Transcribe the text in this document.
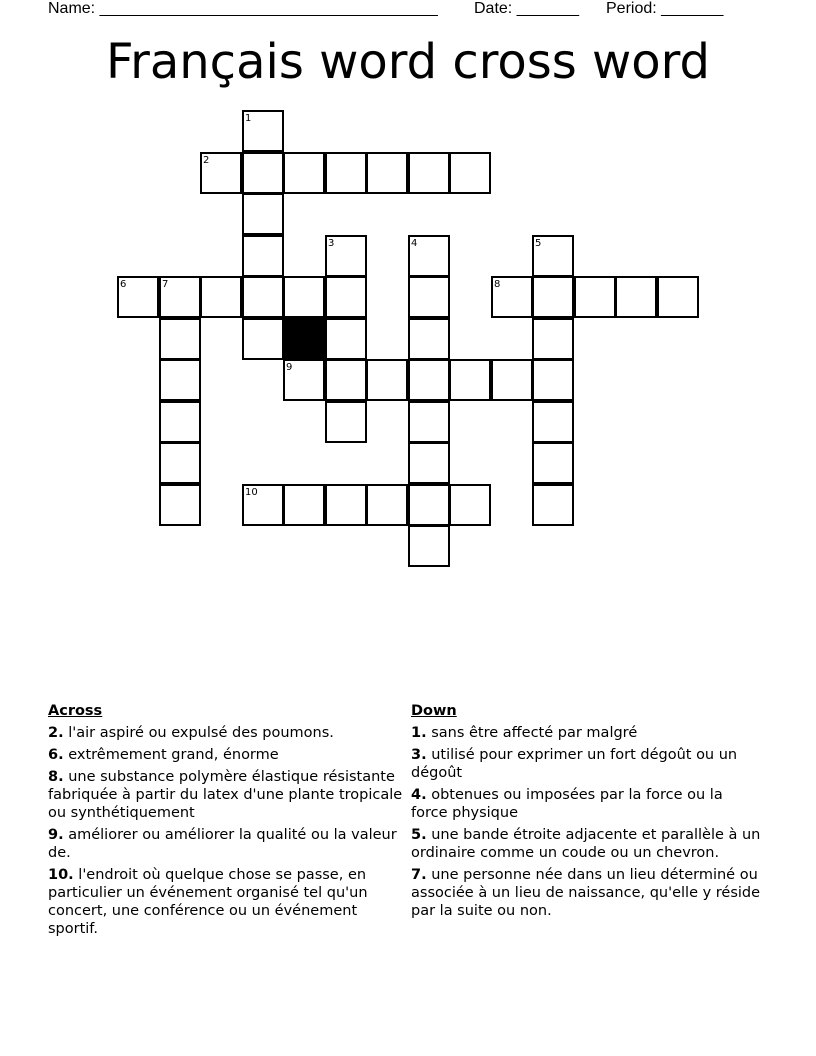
Name: ______________________________________ Date: _______ Period: _______
Français word cross word
1
2
3	4	5
6	7	8
9
10
Across
2. l'air aspiré ou expulsé des poumons.
6. extrêmement grand, énorme
8. une substance polymère élastique résistante fabriquée à partir du latex d'une plante tropicale ou synthétiquement
9. améliorer ou améliorer la qualité ou la valeur de.
10. l'endroit où quelque chose se passe, en particulier un événement organisé tel qu'un concert, une conférence ou un événement sportif.
Down
1. sans être affecté par malgré
3. utilisé pour exprimer un fort dégoût ou un dégoût
4. obtenues ou imposées par la force ou la force physique
5. une bande étroite adjacente et parallèle à un ordinaire comme un coude ou un chevron.
7. une personne née dans un lieu déterminé ou associée à un lieu de naissance, qu'elle y réside par la suite ou non.
